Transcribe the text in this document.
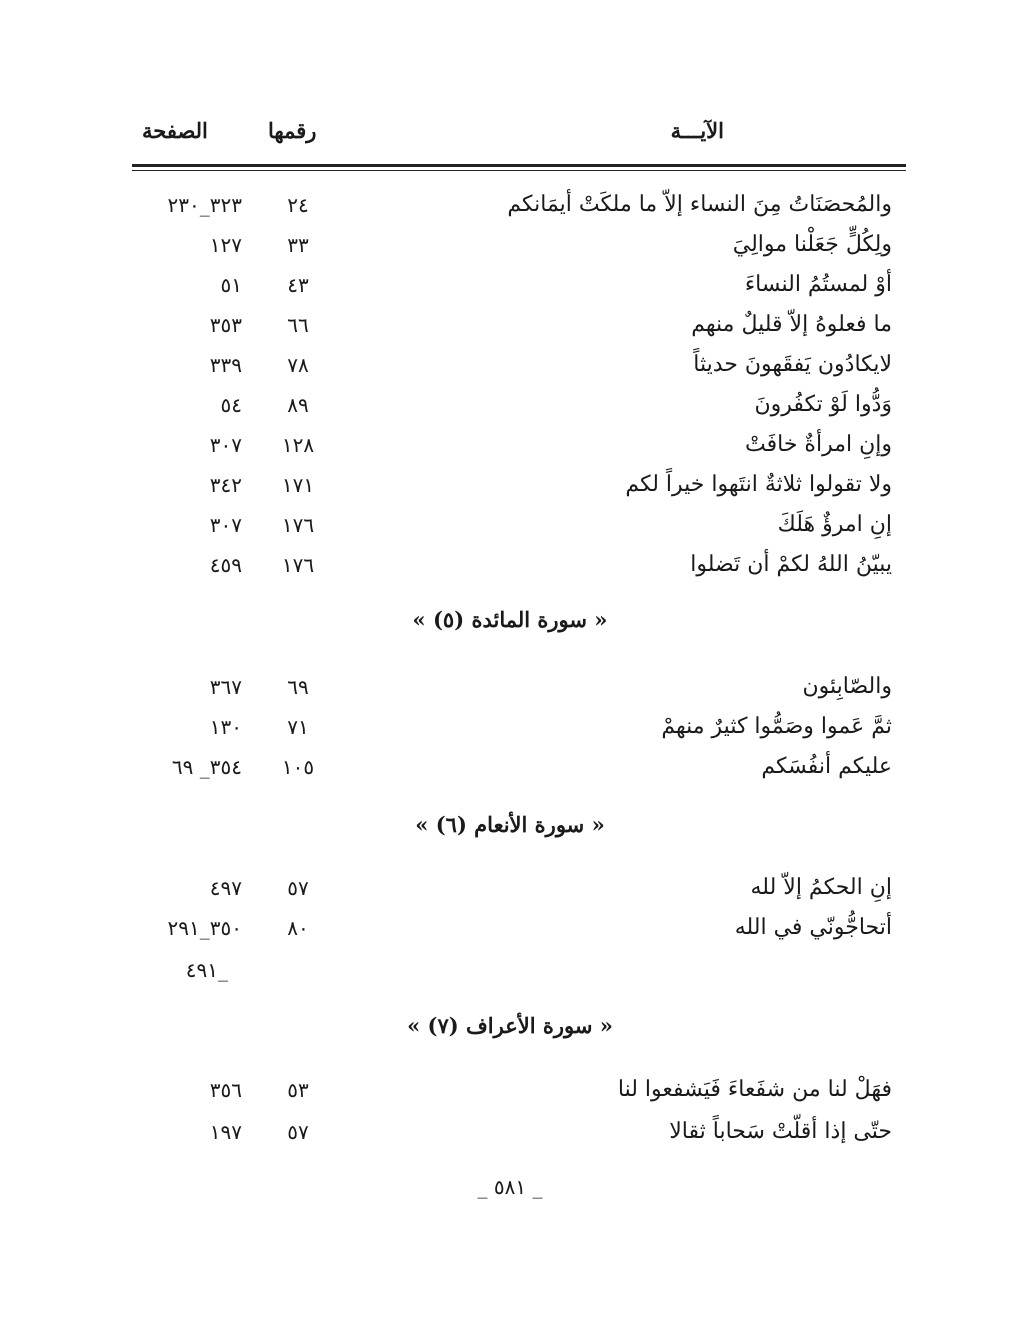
الآيـــة
رقمها
الصفحة
والمُحصَنَاتُ مِنَ النساء إلاّ ما ملكَتْ أيمَانكم
٢٤
٣٢٣_٢٣٠
ولِكُلٍّ جَعَلْنا موالِيَ
٣٣
١٢٧
أوْ لمستُمُ النساءَ
٤٣
٥١
ما فعلوهُ إلاّ قليلٌ منهم
٦٦
٣٥٣
لايكادُون يَفقَهونَ حديثاً
٧٨
٣٣٩
وَدُّوا لَوْ تكفُرونَ
٨٩
٥٤
وإنِ امرأةٌ خافَتْ
١٢٨
٣٠٧
ولا تقولوا ثلاثةٌ انتَهوا خيراً لكم
١٧١
٣٤٢
إنِ امرؤٌ هَلَكَ
١٧٦
٣٠٧
يبيّنُ اللهُ لكمْ أن تَضلوا
١٧٦
٤٥٩
« سورة المائدة (٥) »
والصّابِئون
٦٩
٣٦٧
ثمَّ عَموا وصَمُّوا كثيرٌ منهمْ
٧١
١٣٠
عليكم أنفُسَكم
١٠٥
٣٥٤_ ٦٩
« سورة الأنعام (٦) »
إنِ الحكمُ إلاّ لله
٥٧
٤٩٧
أتحاجُّونّي في الله
٨٠
٣٥٠_٢٩١
_٤٩١
« سورة الأعراف (٧) »
فهَلْ لنا من شفَعاءَ فَيَشفعوا لنا
٥٣
٣٥٦
حتّى إذا أقلّتْ سَحاباً ثقالا
٥٧
١٩٧
_ ٥٨١ _
